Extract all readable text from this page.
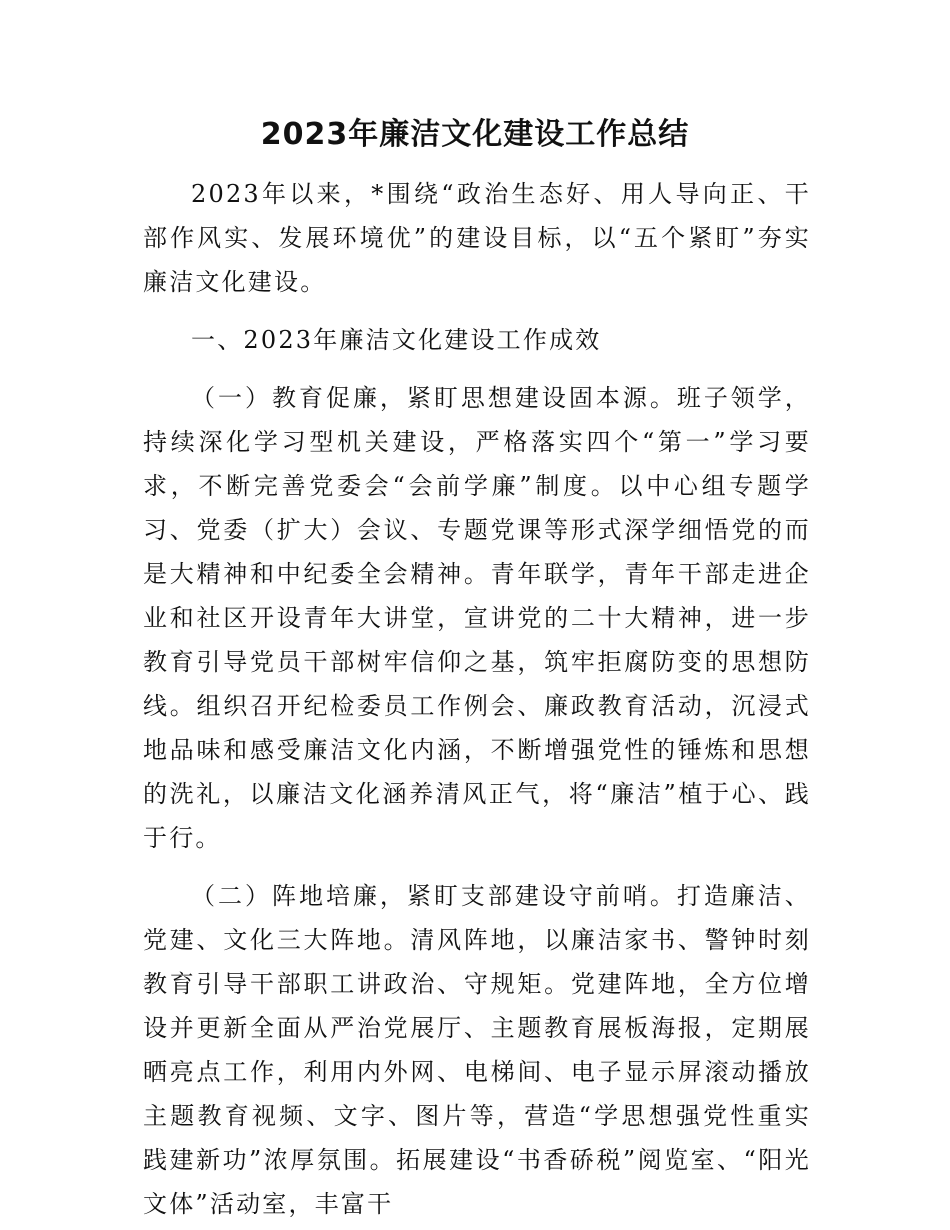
2023年廉洁文化建设工作总结

2023年以来，*围绕“政治生态好、用人导向正、干部作风实、发展环境优”的建设目标，以“五个紧盯”夯实廉洁文化建设。

一、2023年廉洁文化建设工作成效

（一）教育促廉，紧盯思想建设固本源。班子领学，持续深化学习型机关建设，严格落实四个“第一”学习要求，不断完善党委会“会前学廉”制度。以中心组专题学习、党委（扩大）会议、专题党课等形式深学细悟党的而是大精神和中纪委全会精神。青年联学，青年干部走进企业和社区开设青年大讲堂，宣讲党的二十大精神，进一步教育引导党员干部树牢信仰之基，筑牢拒腐防变的思想防线。组织召开纪检委员工作例会、廉政教育活动，沉浸式地品味和感受廉洁文化内涵，不断增强党性的锤炼和思想的洗礼，以廉洁文化涵养清风正气，将“廉洁”植于心、践于行。

（二）阵地培廉，紧盯支部建设守前哨。打造廉洁、党建、文化三大阵地。清风阵地，以廉洁家书、警钟时刻教育引导干部职工讲政治、守规矩。党建阵地，全方位增设并更新全面从严治党展厅、主题教育展板海报，定期展晒亮点工作，利用内外网、电梯间、电子显示屏滚动播放主题教育视频、文字、图片等，营造“学思想强党性重实践建新功”浓厚氛围。拓展建设“书香硚税”阅览室、“阳光文体”活动室，丰富干
